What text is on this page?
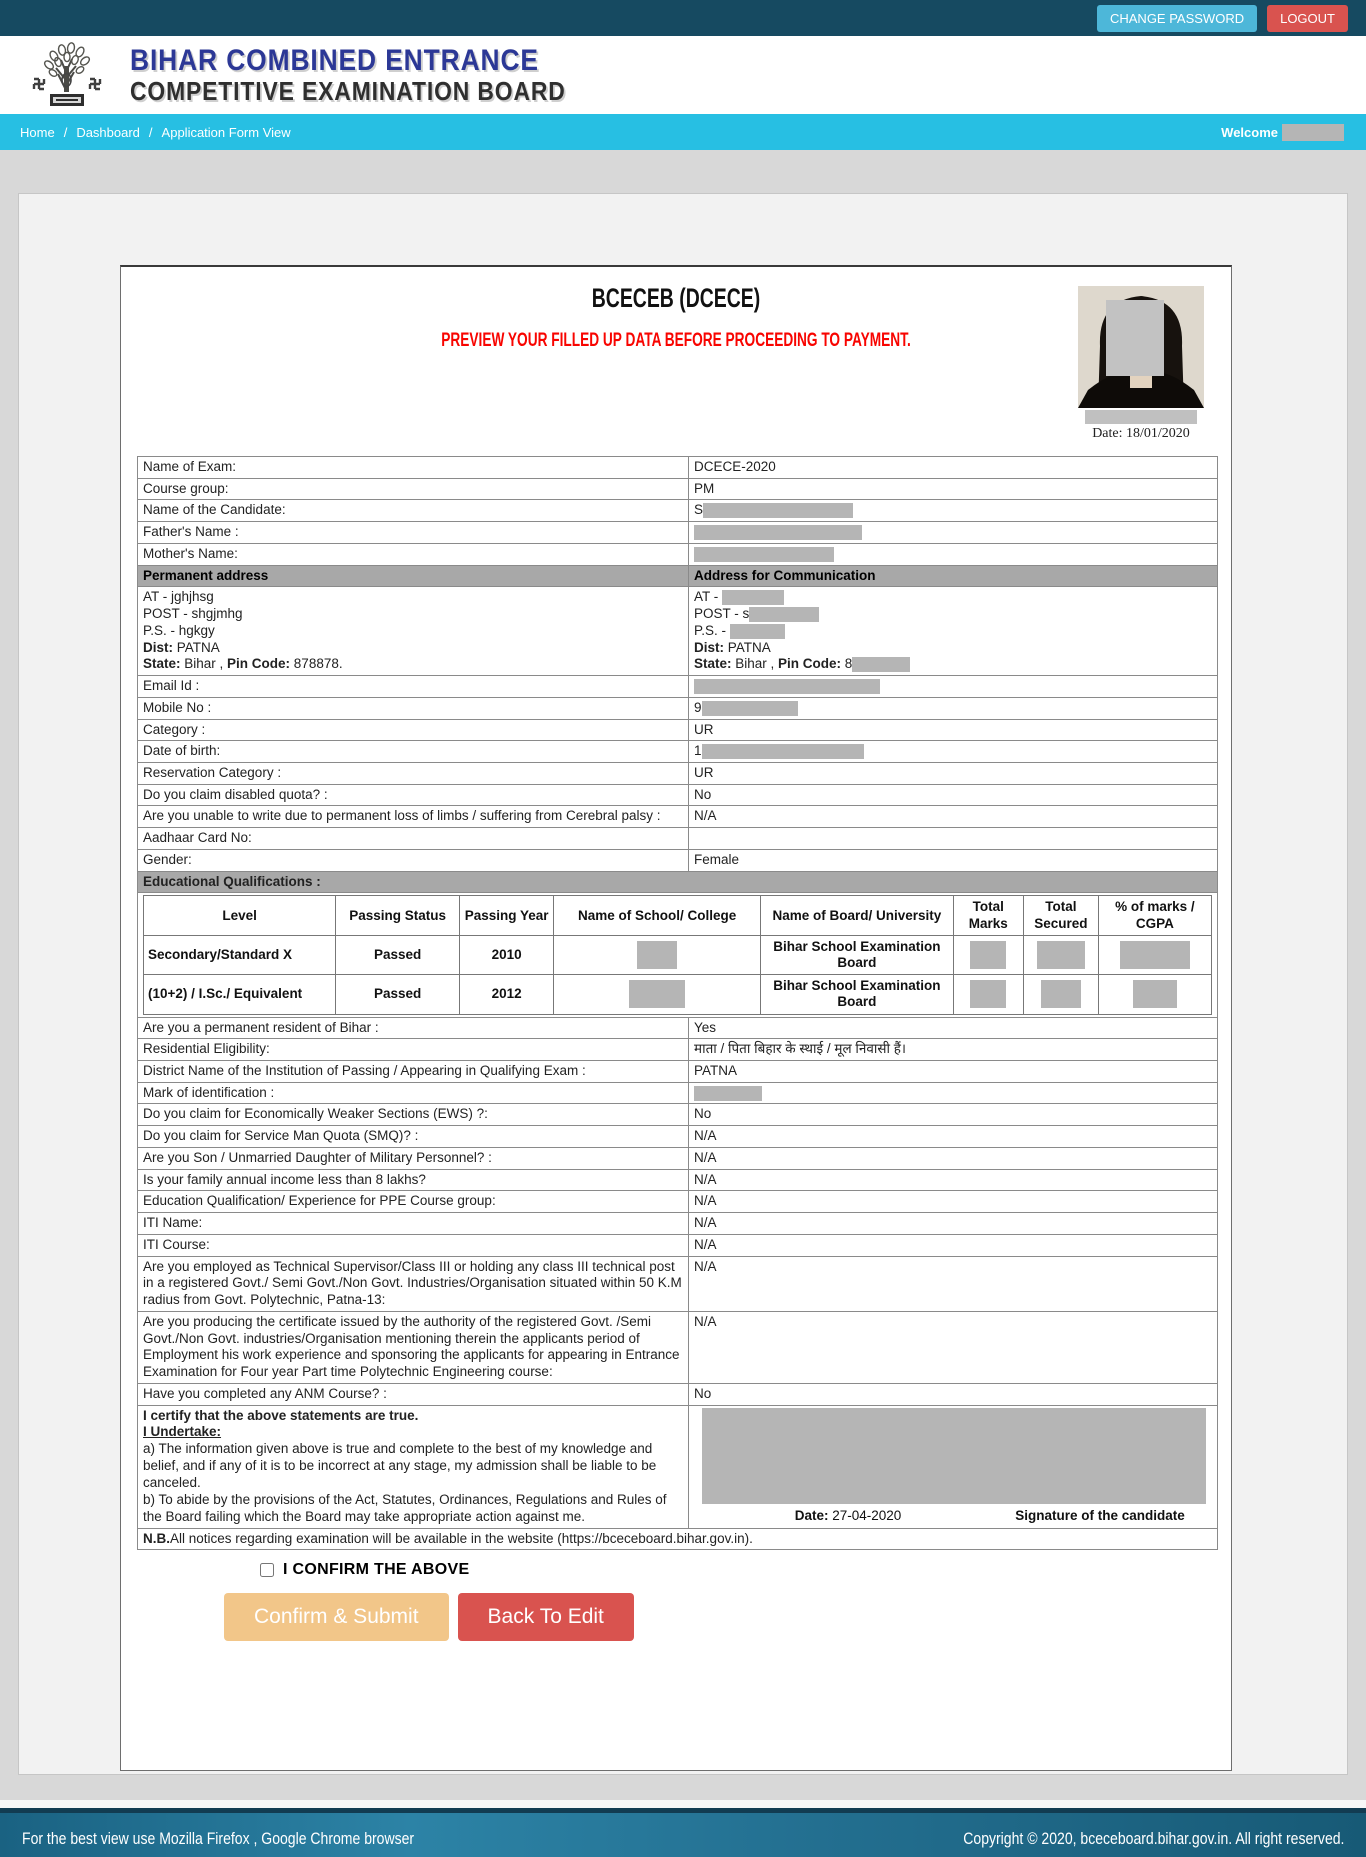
CHANGE PASSWORD	LOGOUT
BIHAR COMBINED ENTRANCE
COMPETITIVE EXAMINATION BOARD
Home / Dashboard / Application Form View	Welcome
BCECEB (DCECE)
PREVIEW YOUR FILLED UP DATA BEFORE PROCEEDING TO PAYMENT.
Date: 18/01/2020
Name of Exam:	DCECE-2020
Course group:	PM
Name of the Candidate:	S
Father's Name :	
Mother's Name:	
Permanent address	Address for Communication

AT - jghjhsg
POST - shgjmhg
P.S. - hgkgy
Dist: PATNA
State: Bihar , Pin Code: 878878.

AT -
POST - s
P.S. -
Dist: PATNA
State: Bihar , Pin Code: 8

Email Id :	
Mobile No :	9
Category :	UR
Date of birth:	1
Reservation Category :	UR
Do you claim disabled quota? :	No
Are you unable to write due to permanent loss of limbs / suffering from Cerebral palsy :	N/A
Aadhaar Card No:	
Gender:	Female
Educational Qualifications :

Level	Passing Status	Passing Year	Name of School/ College	Name of Board/ University	Total Marks	Total Secured	% of marks / CGPA
Secondary/Standard X	Passed	2010		Bihar School Examination Board			
(10+2) / I.Sc./ Equivalent	Passed	2012		Bihar School Examination Board			

Are you a permanent resident of Bihar :	Yes
Residential Eligibility:	माता / पिता बिहार के स्थाई / मूल निवासी हैं।
District Name of the Institution of Passing / Appearing in Qualifying Exam :	PATNA
Mark of identification :	
Do you claim for Economically Weaker Sections (EWS) ?:	No
Do you claim for Service Man Quota (SMQ)? :	N/A
Are you Son / Unmarried Daughter of Military Personnel? :	N/A
Is your family annual income less than 8 lakhs?	N/A
Education Qualification/ Experience for PPE Course group:	N/A
ITI Name:	N/A
ITI Course:	N/A
Are you employed as Technical Supervisor/Class III or holding any class III technical post in a registered Govt./ Semi Govt./Non Govt. Industries/Organisation situated within 50 K.M radius from Govt. Polytechnic, Patna-13:	N/A
Are you producing the certificate issued by the authority of the registered Govt. /Semi Govt./Non Govt. industries/Organisation mentioning therein the applicants period of Employment his work experience and sponsoring the applicants for appearing in Entrance Examination for Four year Part time Polytechnic Engineering course:	N/A
Have you completed any ANM Course? :	No

I certify that the above statements are true.
I Undertake:
a) The information given above is true and complete to the best of my knowledge and belief, and if any of it is to be incorrect at any stage, my admission shall be liable to be canceled.
b) To abide by the provisions of the Act, Statutes, Ordinances, Regulations and Rules of the Board failing which the Board may take appropriate action against me.	Date: 27-04-2020	Signature of the candidate

N.B.All notices regarding examination will be available in the website (https://bceceboard.bihar.gov.in).
I CONFIRM THE ABOVE
Confirm & Submit	Back To Edit
For the best view use Mozilla Firefox , Google Chrome browser	Copyright © 2020, bceceboard.bihar.gov.in. All right reserved.
